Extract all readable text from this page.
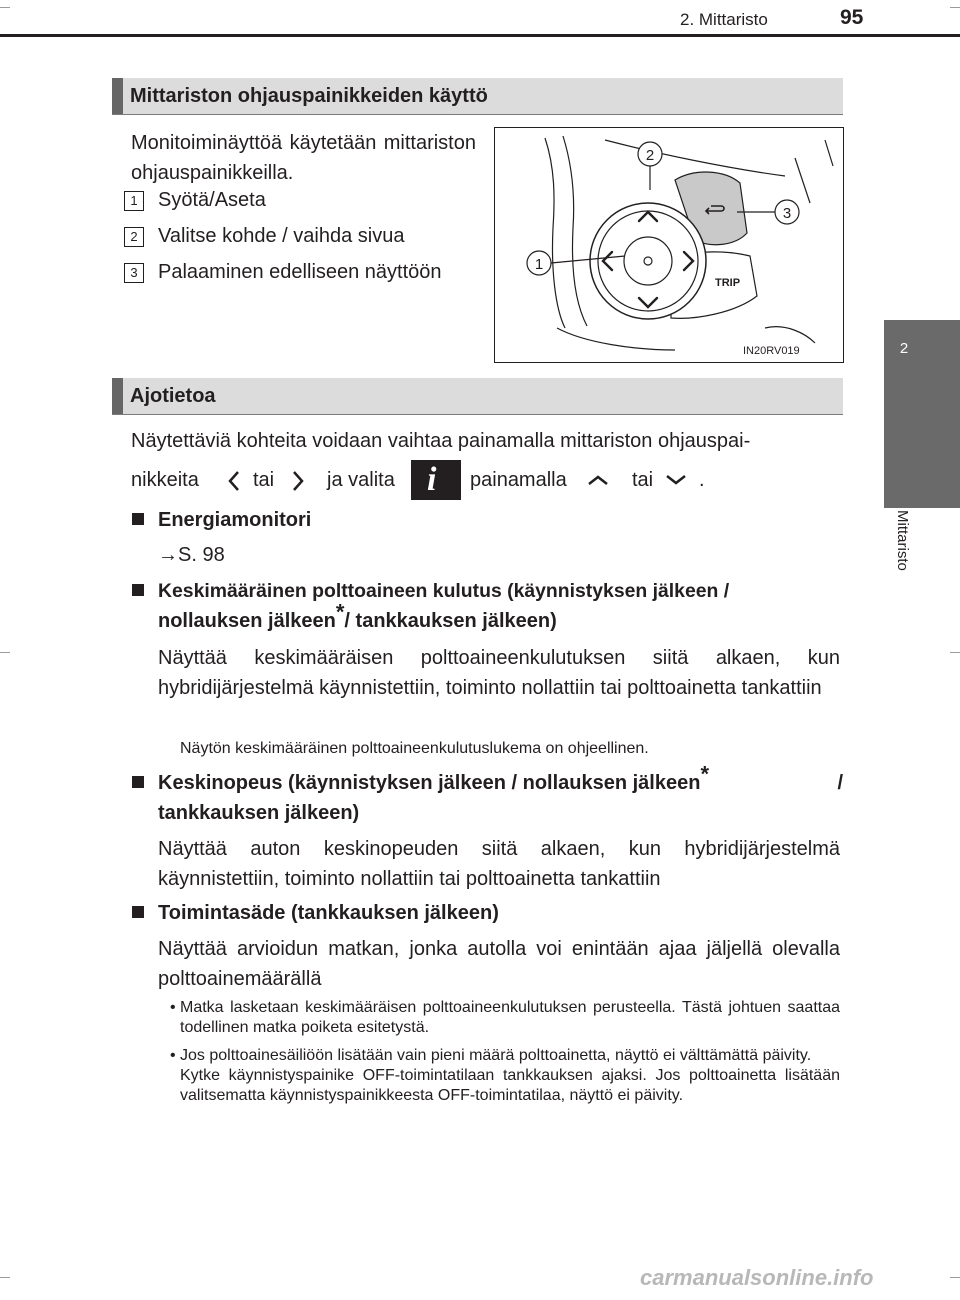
2. Mittaristo	95
2
Mittaristo
Mittariston ohjauspainikkeiden käyttö
Monitoiminäyttöä käytetään mittariston ohjauspainikkeilla.
1	Syötä/Aseta
2	Valitse kohde / vaihda sivua
3	Palaaminen edelliseen näyttöön	TRIP
2
3
1
IN20RV019
Ajotietoa
Näytettäviä kohteita voidaan vaihtaa painamalla mittariston ohjauspai-
nikkeita	tai	ja valita i painamalla	tai .
Energiamonitori
→S. 98
Keskimääräinen polttoaineen kulutus (käynnistyksen jälkeen /
nollauksen jälkeen*/ tankkauksen jälkeen)
Näyttää keskimääräisen polttoaineenkulutuksen siitä alkaen, kun hybridijärjestelmä käynnistettiin, toiminto nollattiin tai polttoainetta tankattiin
Näytön keskimääräinen polttoaineenkulutuslukema on ohjeellinen.
Keskinopeus (käynnistyksen jälkeen / nollauksen jälkeen*	/
tankkauksen jälkeen)
Näyttää auton keskinopeuden siitä alkaen, kun hybridijärjestelmä käynnistettiin, toiminto nollattiin tai polttoainetta tankattiin
Toimintasäde (tankkauksen jälkeen)
Näyttää arvioidun matkan, jonka autolla voi enintään ajaa jäljellä olevalla polttoainemäärällä
• Matka lasketaan keskimääräisen polttoaineenkulutuksen perusteella. Tästä johtuen saattaa todellinen matka poiketa esitetystä.
• Jos polttoainesäiliöön lisätään vain pieni määrä polttoainetta, näyttö ei välttämättä päivity.
Kytke käynnistyspainike OFF-toimintatilaan tankkauksen ajaksi. Jos polttoainetta lisätään valitsematta käynnistyspainikkeesta OFF-toimintatilaa, näyttö ei päivity.
carmanualsonline.info
